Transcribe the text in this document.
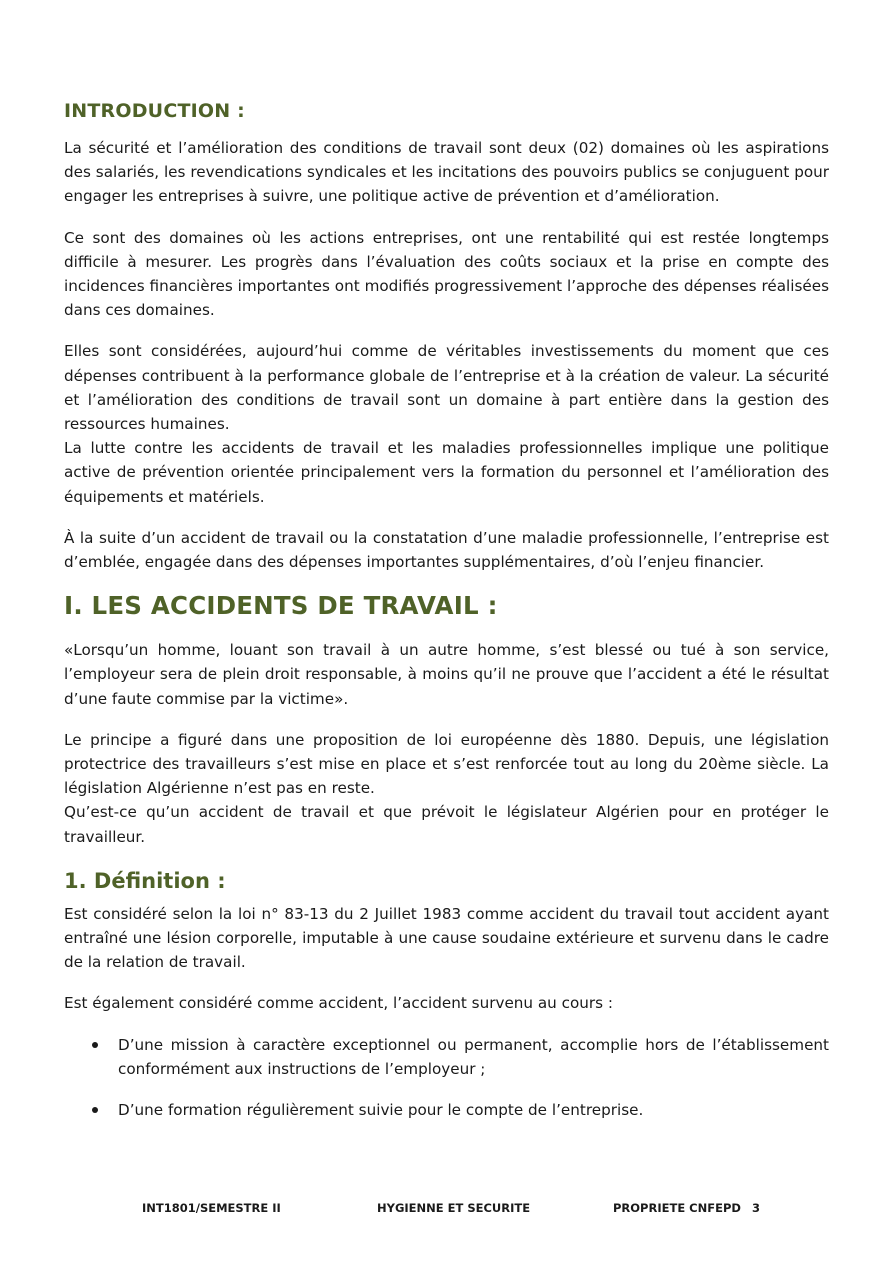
INTRODUCTION :

La sécurité et l’amélioration des conditions de travail sont deux (02) domaines où les aspirations des salariés, les revendications syndicales et les incitations des pouvoirs publics se conjuguent pour engager les entreprises à suivre, une politique active de prévention et d’amélioration.

Ce sont des domaines où les actions entreprises, ont une rentabilité qui est restée longtemps difficile à mesurer. Les progrès dans l’évaluation des coûts sociaux et la prise en compte des incidences financières importantes ont modifiés progressivement l’approche des dépenses réalisées dans ces domaines.

Elles sont considérées, aujourd’hui comme de véritables investissements du moment que ces dépenses contribuent à la performance globale de l’entreprise et à la création de valeur. La sécurité et l’amélioration des conditions de travail sont un domaine à part entière dans la gestion des ressources humaines.

La lutte contre les accidents de travail et les maladies professionnelles implique une politique active de prévention orientée principalement vers la formation du personnel et l’amélioration des équipements et matériels.

À la suite d’un accident de travail ou la constatation d’une maladie professionnelle, l’entreprise est d’emblée, engagée dans des dépenses importantes supplémentaires, d’où l’enjeu financier.

I. LES ACCIDENTS DE TRAVAIL :

«Lorsqu’un homme, louant son travail à un autre homme, s’est blessé ou tué à son service, l’employeur sera de plein droit responsable, à moins qu’il ne prouve que l’accident a été le résultat d’une faute commise par la victime».

Le principe a figuré dans une proposition de loi européenne dès 1880. Depuis, une législation protectrice des travailleurs s’est mise en place et s’est renforcée tout au long du 20ème siècle. La législation Algérienne n’est pas en reste.

Qu’est-ce qu’un accident de travail et que prévoit le législateur Algérien pour en protéger le travailleur.

1. Définition :

Est considéré selon la loi n° 83-13 du 2 Juillet 1983 comme accident du travail tout accident ayant entraîné une lésion corporelle, imputable à une cause soudaine extérieure et survenu dans le cadre de la relation de travail.

Est également considéré comme accident, l’accident survenu au cours :

D’une mission à caractère exceptionnel ou permanent, accomplie hors de l’établissement conformément aux instructions de l’employeur ;
D’une formation régulièrement suivie pour le compte de l’entreprise.
INT1801/SEMESTRE II	HYGIENNE ET SECURITE	PROPRIETE CNFEPD 3
